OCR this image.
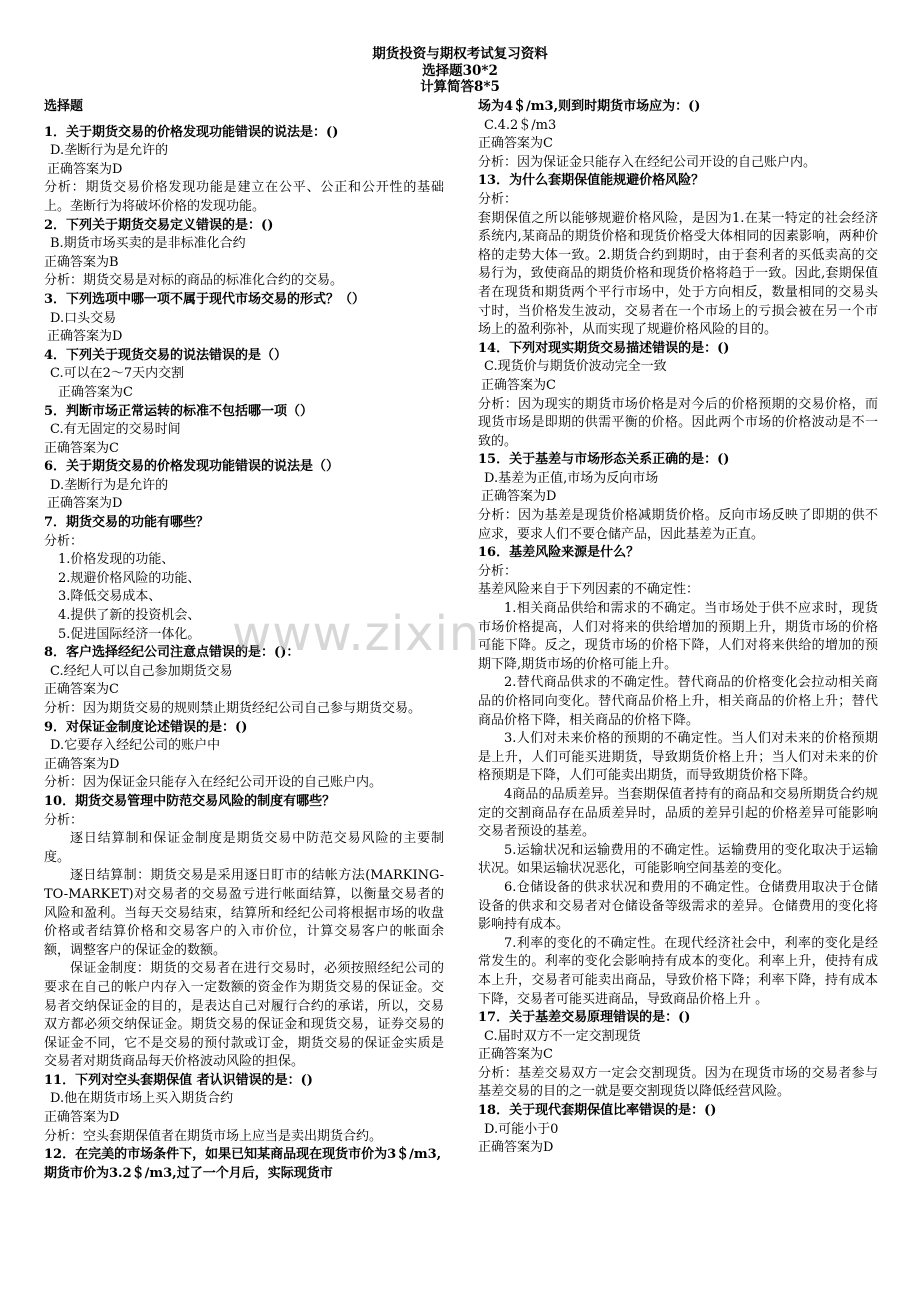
期货投资与期权考试复习资料
选择题30*2
计算简答8*5

选择题

1．关于期货交易的价格发现功能错误的说法是：()

D.垄断行为是允许的

正确答案为D

分析：期货交易价格发现功能是建立在公平、公正和公开性的基础上。垄断行为将破坏价格的发现功能。

2．下列关于期货交易定义错误的是：()

B.期货市场买卖的是非标准化合约

正确答案为B

分析：期货交易是对标的商品的标准化合约的交易。

3．下列选项中哪一项不属于现代市场交易的形式？（）

D.口头交易

正确答案为D

4．下列关于现货交易的说法错误的是（）

C.可以在2～7天内交割

正确答案为C

5．判断市场正常运转的标准不包括哪一项（）

C.有无固定的交易时间

正确答案为C

6．关于期货交易的价格发现功能错误的说法是（）

D.垄断行为是允许的

正确答案为D

7．期货交易的功能有哪些？

分析：

1.价格发现的功能、

2.规避价格风险的功能、

3.降低交易成本、

4.提供了新的投资机会、

5.促进国际经济一体化。

8．客户选择经纪公司注意点错误的是：()：

C.经纪人可以自己参加期货交易

正确答案为C

分析：因为期货交易的规则禁止期货经纪公司自己参与期货交易。

9．对保证金制度论述错误的是：()

D.它要存入经纪公司的账户中

正确答案为D

分析：因为保证金只能存入在经纪公司开设的自己账户内。

10．期货交易管理中防范交易风险的制度有哪些？

分析：

逐日结算制和保证金制度是期货交易中防范交易风险的主要制度。

逐日结算制：期货交易是采用逐日盯市的结帐方法(MARKING-TO-MARKET)对交易者的交易盈亏进行帐面结算，以衡量交易者的风险和盈利。当每天交易结束，结算所和经纪公司将根据市场的收盘价格或者结算价格和交易客户的入市价位，计算交易客户的帐面余额，调整客户的保证金的数额。

保证金制度：期货的交易者在进行交易时，必须按照经纪公司的要求在自己的帐户内存入一定数额的资金作为期货交易的保证金。交易者交纳保证金的目的，是表达自己对履行合约的承诺，所以，交易双方都必须交纳保证金。期货交易的保证金和现货交易，证券交易的保证金不同，它不是交易的预付款或订金，期货交易的保证金实质是交易者对期货商品每天价格波动风险的担保。

11．下列对空头套期保值 者认识错误的是：()

D.他在期货市场上买入期货合约

正确答案为D

分析：空头套期保值者在期货市场上应当是卖出期货合约。

12．在完美的市场条件下，如果已知某商品现在现货市价为3＄/m3,期货市价为3.2＄/m3,过了一个月后，实际现货市

场为4＄/m3,则到时期货市场应为：()

C.4.2＄/m3

正确答案为C

分析：因为保证金只能存入在经纪公司开设的自己账户内。

13．为什么套期保值能规避价格风险？

分析：

套期保值之所以能够规避价格风险，是因为1.在某一特定的社会经济系统内,某商品的期货价格和现货价格受大体相同的因素影响，两种价格的走势大体一致。2.期货合约到期时，由于套利者的买低卖高的交易行为，致使商品的期货价格和现货价格将趋于一致。因此,套期保值者在现货和期货两个平行市场中，处于方向相反，数量相同的交易头寸时，当价格发生波动，交易者在一个市场上的亏损会被在另一个市场上的盈利弥补，从而实现了规避价格风险的目的。

14．下列对现实期货交易描述错误的是：()

C.现货价与期货价波动完全一致

正确答案为C

分析：因为现实的期货市场价格是对今后的价格预期的交易价格，而现货市场是即期的供需平衡的价格。因此两个市场的价格波动是不一致的。

15．关于基差与市场形态关系正确的是：()

D.基差为正值,市场为反向市场

正确答案为D

分析：因为基差是现货价格减期货价格。反向市场反映了即期的供不应求，要求人们不要仓储产品，因此基差为正直。

16．基差风险来源是什么？

分析：

基差风险来自于下列因素的不确定性：

1.相关商品供给和需求的不确定。当市场处于供不应求时，现货市场价格提高，人们对将来的供给增加的预期上升，期货市场的价格可能下降。反之，现货市场的价格下降，人们对将来供给的增加的预期下降,期货市场的价格可能上升。

2.替代商品供求的不确定性。替代商品的价格变化会拉动相关商品的价格同向变化。替代商品价格上升，相关商品的价格上升；替代商品价格下降，相关商品的价格下降。

3.人们对未来价格的预期的不确定性。当人们对未来的价格预期是上升，人们可能买进期货，导致期货价格上升；当人们对未来的价格预期是下降，人们可能卖出期货，而导致期货价格下降。

4商品的品质差异。当套期保值者持有的商品和交易所期货合约规定的交割商品存在品质差异时，品质的差异引起的价格差异可能影响交易者预设的基差。

5.运输状况和运输费用的不确定性。运输费用的变化取决于运输状况。如果运输状况恶化，可能影响空间基差的变化。

6.仓储设备的供求状况和费用的不确定性。仓储费用取决于仓储设备的供求和交易者对仓储设备等级需求的差异。仓储费用的变化将影响持有成本。

7.利率的变化的不确定性。在现代经济社会中，利率的变化是经常发生的。利率的变化会影响持有成本的变化。利率上升，使持有成本上升，交易者可能卖出商品，导致价格下降；利率下降，持有成本下降，交易者可能买进商品，导致商品价格上升 。

17．关于基差交易原理错误的是：()

C.届时双方不一定交割现货

正确答案为C

分析：基差交易双方一定会交割现货。因为在现货市场的交易者参与基差交易的目的之一就是要交割现货以降低经营风险。

18．关于现代套期保值比率错误的是：()

D.可能小于0

正确答案为D

www.zixin.
